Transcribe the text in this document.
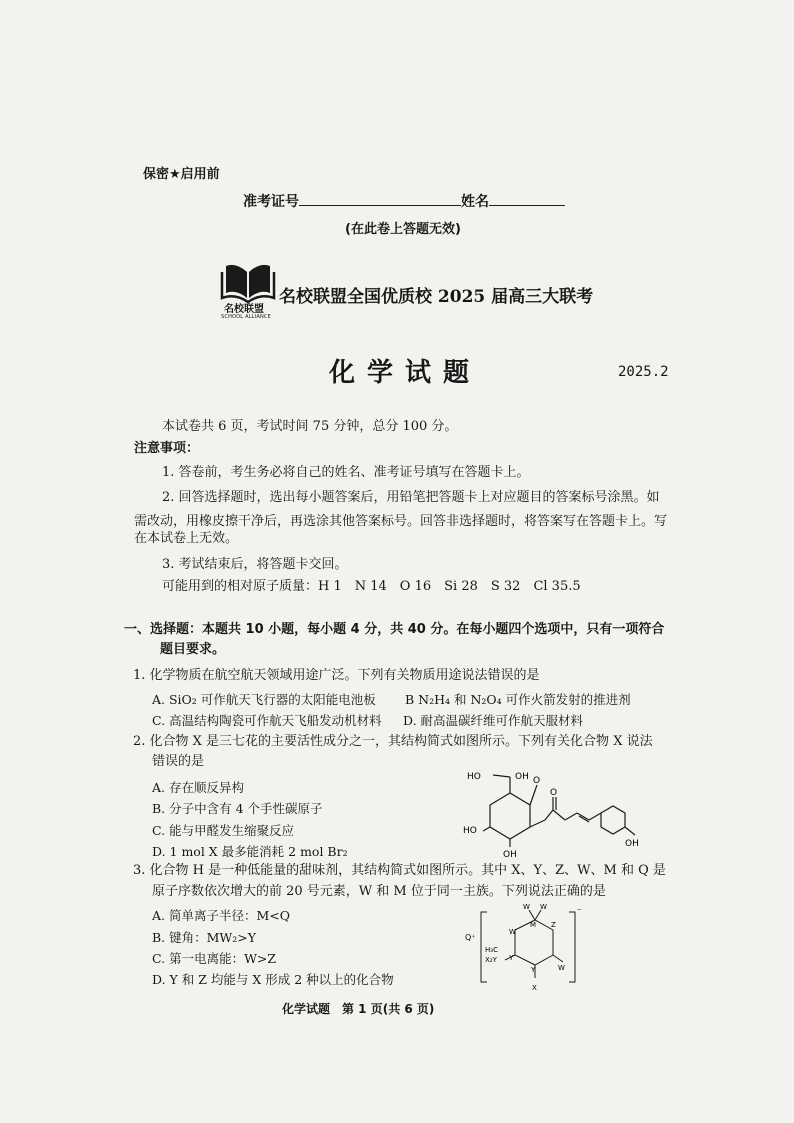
保密★启用前
准考证号	姓名
(在此卷上答题无效)
名校联盟
SCHOOL ALLIANCE
名校联盟全国优质校 2025 届高三大联考
化学试题	2025.2
本试卷共 6 页，考试时间 75 分钟，总分 100 分。
注意事项：
1. 答卷前，考生务必将自己的姓名、准考证号填写在答题卡上。
2. 回答选择题时，选出每小题答案后，用铅笔把答题卡上对应题目的答案标号涂黑。如
需改动，用橡皮擦干净后，再选涂其他答案标号。回答非选择题时，将答案写在答题卡上。写
在本试卷上无效。
3. 考试结束后，将答题卡交回。
可能用到的相对原子质量：H 1　N 14　O 16　Si 28　S 32　Cl 35.5
一、选择题：本题共 10 小题，每小题 4 分，共 40 分。在每小题四个选项中，只有一项符合
题目要求。
1. 化学物质在航空航天领域用途广泛。下列有关物质用途说法错误的是
A. SiO₂ 可作航天飞行器的太阳能电池板 B N₂H₄ 和 N₂O₄ 可作火箭发射的推进剂
C. 高温结构陶瓷可作航天飞船发动机材料 D. 耐高温碳纤维可作航天服材料
2. 化合物 X 是三七花的主要活性成分之一，其结构简式如图所示。下列有关化合物 X 说法
错误的是
A. 存在顺反异构
B. 分子中含有 4 个手性碳原子
C. 能与甲醛发生缩聚反应
D. 1 mol X 最多能消耗 2 mol Br₂
HO	OH O
O
HO
OH
OH
3. 化合物 H 是一种低能量的甜味剂，其结构简式如图所示。其中 X、Y、Z、W、M 和 Q 是
原子序数依次增大的前 20 号元素，W 和 M 位于同一主族。下列说法正确的是
A. 简单离子半径：M<Q
B. 键角：MW₂>Y
C. 第一电离能：W>Z
D. Y 和 Z 均能与 X 形成 2 种以上的化合物
Q⁺
W W
M Z
W
Y
Y
X
H₃C
X₂Y
W
⁻
化学试题　第 1 页(共 6 页)
